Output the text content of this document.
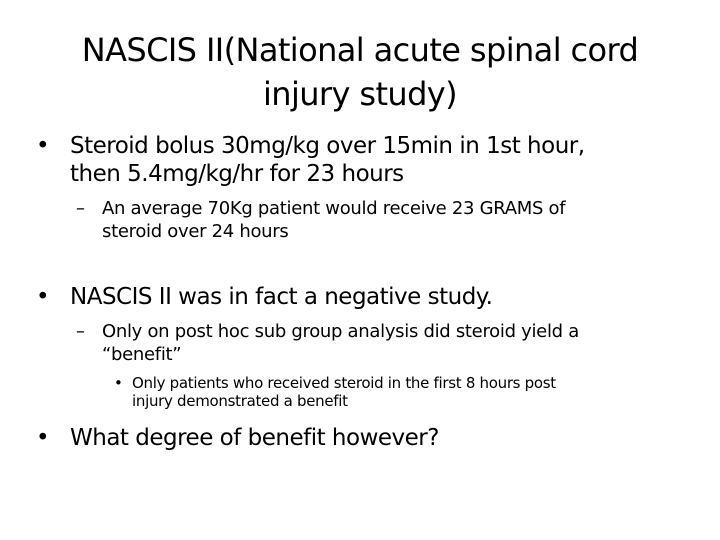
NASCIS II(National acute spinal cord
injury study)
• Steroid bolus 30mg/kg over 15min in 1st hour,
then 5.4mg/kg/hr for 23 hours
– An average 70Kg patient would receive 23 GRAMS of
steroid over 24 hours
• NASCIS II was in fact a negative study.
– Only on post hoc sub group analysis did steroid yield a
“benefit”
• Only patients who received steroid in the first 8 hours post
injury demonstrated a benefit
• What degree of benefit however?
